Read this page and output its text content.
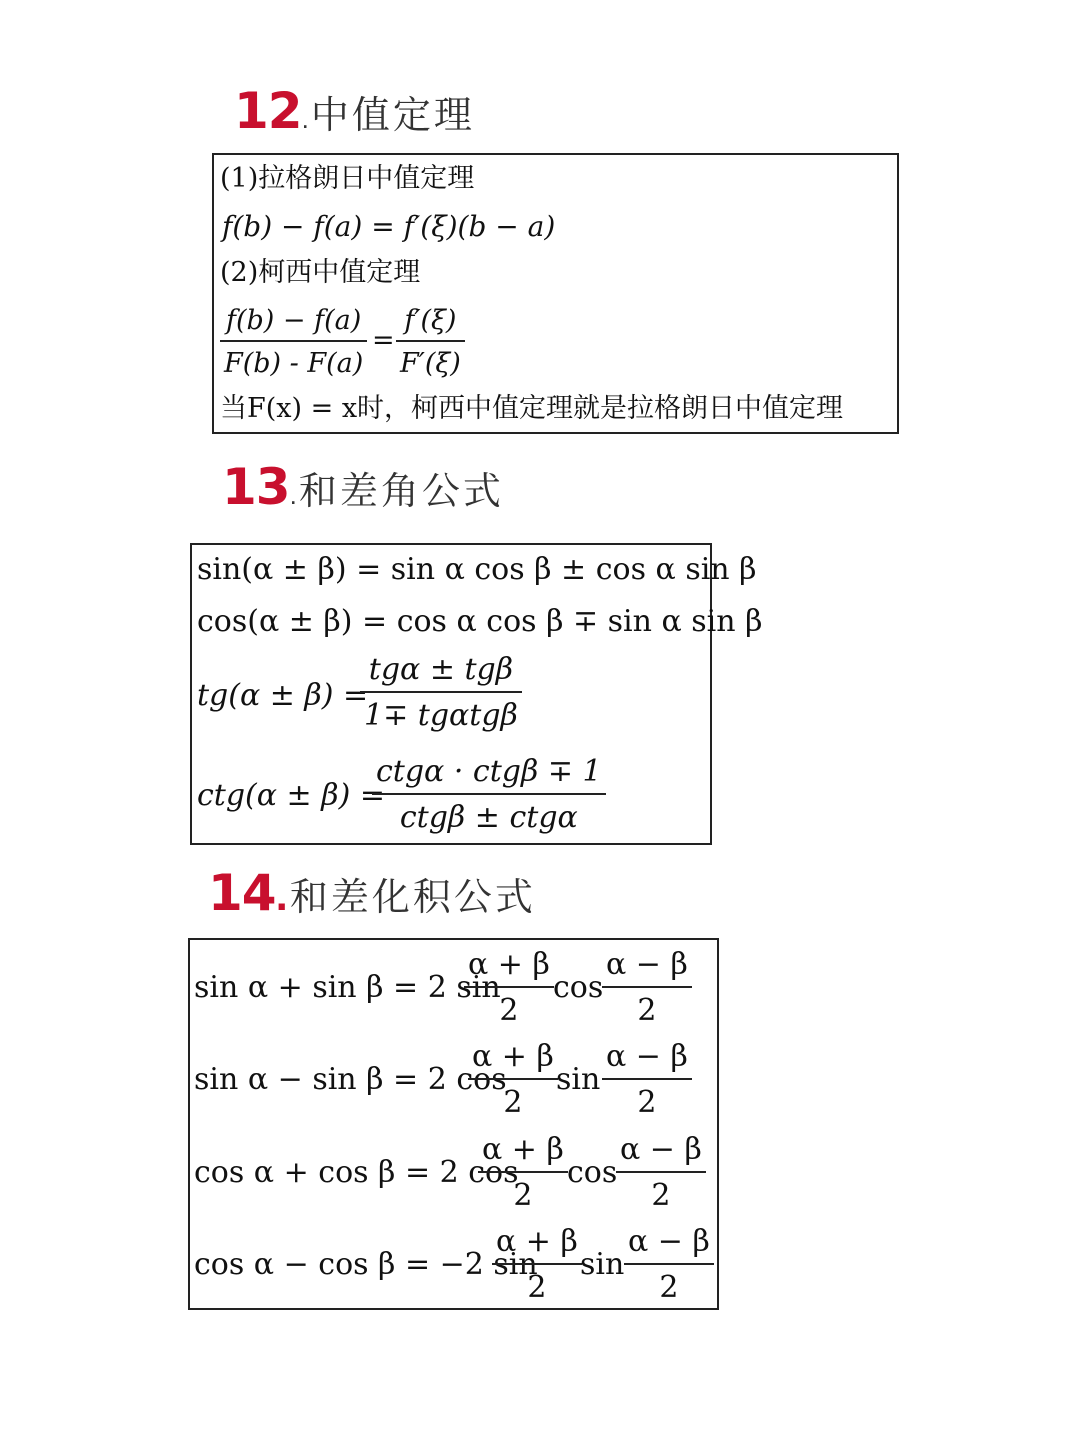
12 . 中值定理
(1)拉格朗日中值定理
f(b) − f(a) = f′(ξ)(b − a)
(2)柯西中值定理
f(b) − f(a)
F(b) - F(a)
=
f′(ξ)
F′(ξ)
当F(x) = x时，柯西中值定理就是拉格朗日中值定理
13 . 和差角公式
sin(α ± β) = sin α cos β ± cos α sin β
cos(α ± β) = cos α cos β ∓ sin α sin β
tg(α ± β) =
tgα ± tgβ
1∓ tgαtgβ
ctg(α ± β) =
ctgα · ctgβ ∓ 1
ctgβ ± ctgα
14 . 和差化积公式
sin α + sin β = 2 sin
α + β
2
cos
α − β
2
sin α − sin β = 2 cos
α + β
2
sin
α − β
2
cos α + cos β = 2 cos
α + β
2
cos
α − β
2
cos α − cos β = −2 sin
α + β
2
sin
α − β
2
